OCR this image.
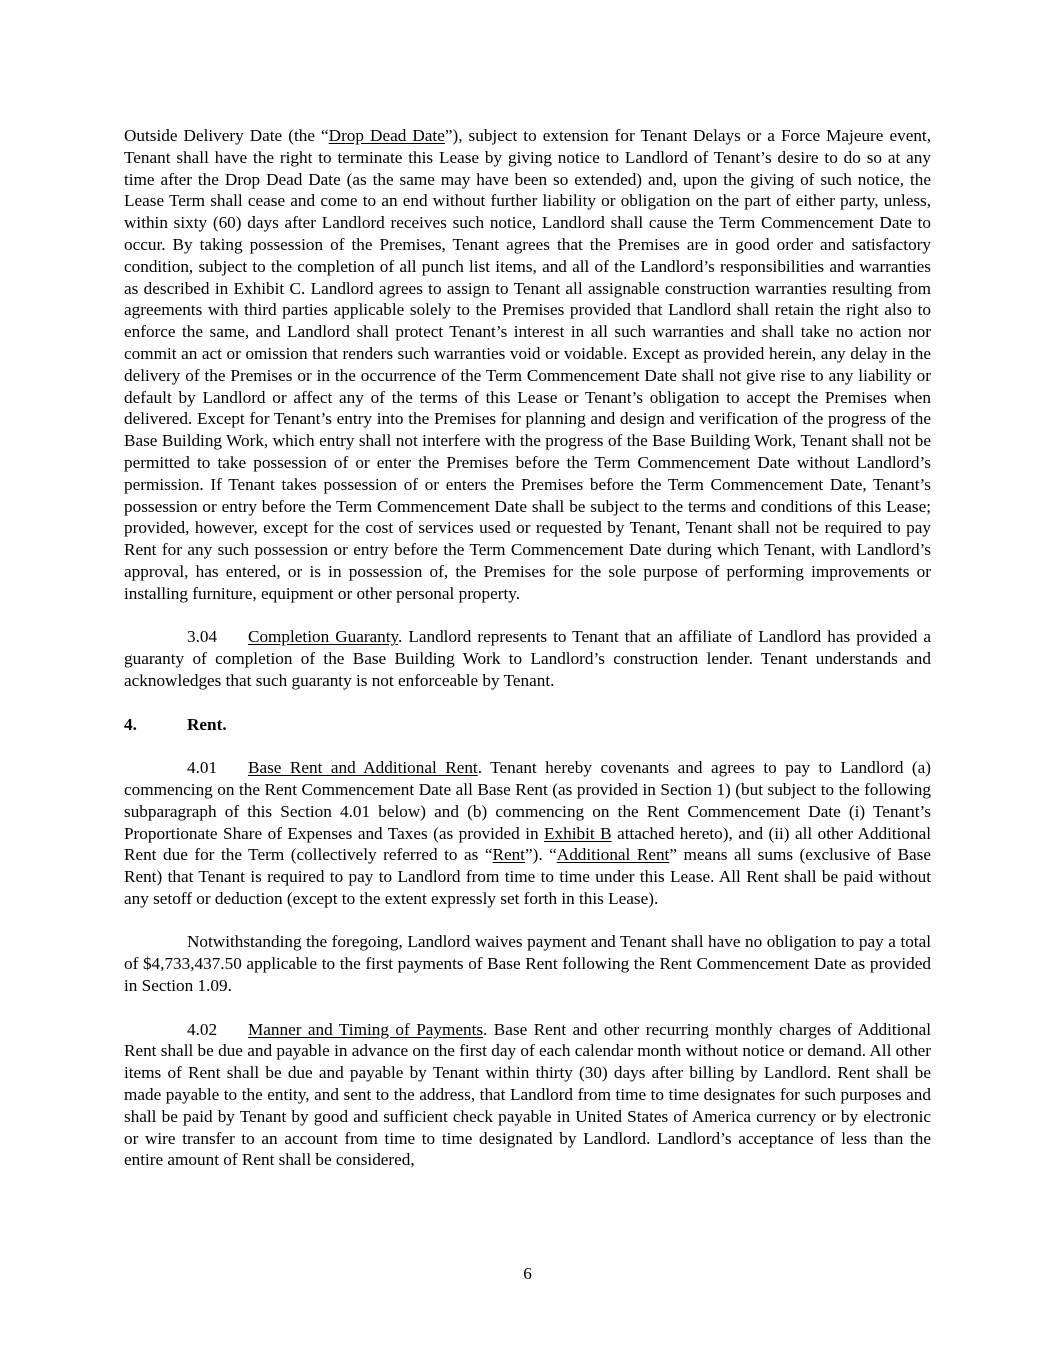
Outside Delivery Date (the “Drop Dead Date”), subject to extension for Tenant Delays or a Force Majeure event, Tenant shall have the right to terminate this Lease by giving notice to Landlord of Tenant’s desire to do so at any time after the Drop Dead Date (as the same may have been so extended) and, upon the giving of such notice, the Lease Term shall cease and come to an end without further liability or obligation on the part of either party, unless, within sixty (60) days after Landlord receives such notice, Landlord shall cause the Term Commencement Date to occur. By taking possession of the Premises, Tenant agrees that the Premises are in good order and satisfactory condition, subject to the completion of all punch list items, and all of the Landlord’s responsibilities and warranties as described in Exhibit C. Landlord agrees to assign to Tenant all assignable construction warranties resulting from agreements with third parties applicable solely to the Premises provided that Landlord shall retain the right also to enforce the same, and Landlord shall protect Tenant’s interest in all such warranties and shall take no action nor commit an act or omission that renders such warranties void or voidable. Except as provided herein, any delay in the delivery of the Premises or in the occurrence of the Term Commencement Date shall not give rise to any liability or default by Landlord or affect any of the terms of this Lease or Tenant’s obligation to accept the Premises when delivered. Except for Tenant’s entry into the Premises for planning and design and verification of the progress of the Base Building Work, which entry shall not interfere with the progress of the Base Building Work, Tenant shall not be permitted to take possession of or enter the Premises before the Term Commencement Date without Landlord’s permission. If Tenant takes possession of or enters the Premises before the Term Commencement Date, Tenant’s possession or entry before the Term Commencement Date shall be subject to the terms and conditions of this Lease; provided, however, except for the cost of services used or requested by Tenant, Tenant shall not be required to pay Rent for any such possession or entry before the Term Commencement Date during which Tenant, with Landlord’s approval, has entered, or is in possession of, the Premises for the sole purpose of performing improvements or installing furniture, equipment or other personal property.

3.04 Completion Guaranty. Landlord represents to Tenant that an affiliate of Landlord has provided a guaranty of completion of the Base Building Work to Landlord’s construction lender. Tenant understands and acknowledges that such guaranty is not enforceable by Tenant.

4.	Rent.

4.01 Base Rent and Additional Rent. Tenant hereby covenants and agrees to pay to Landlord (a) commencing on the Rent Commencement Date all Base Rent (as provided in Section 1) (but subject to the following subparagraph of this Section 4.01 below) and (b) commencing on the Rent Commencement Date (i) Tenant’s Proportionate Share of Expenses and Taxes (as provided in Exhibit B attached hereto), and (ii) all other Additional Rent due for the Term (collectively referred to as “Rent”). “Additional Rent” means all sums (exclusive of Base Rent) that Tenant is required to pay to Landlord from time to time under this Lease. All Rent shall be paid without any setoff or deduction (except to the extent expressly set forth in this Lease).

Notwithstanding the foregoing, Landlord waives payment and Tenant shall have no obligation to pay a total of $4,733,437.50 applicable to the first payments of Base Rent following the Rent Commencement Date as provided in Section 1.09.

4.02 Manner and Timing of Payments. Base Rent and other recurring monthly charges of Additional Rent shall be due and payable in advance on the first day of each calendar month without notice or demand. All other items of Rent shall be due and payable by Tenant within thirty (30) days after billing by Landlord. Rent shall be made payable to the entity, and sent to the address, that Landlord from time to time designates for such purposes and shall be paid by Tenant by good and sufficient check payable in United States of America currency or by electronic or wire transfer to an account from time to time designated by Landlord. Landlord’s acceptance of less than the entire amount of Rent shall be considered,

6
